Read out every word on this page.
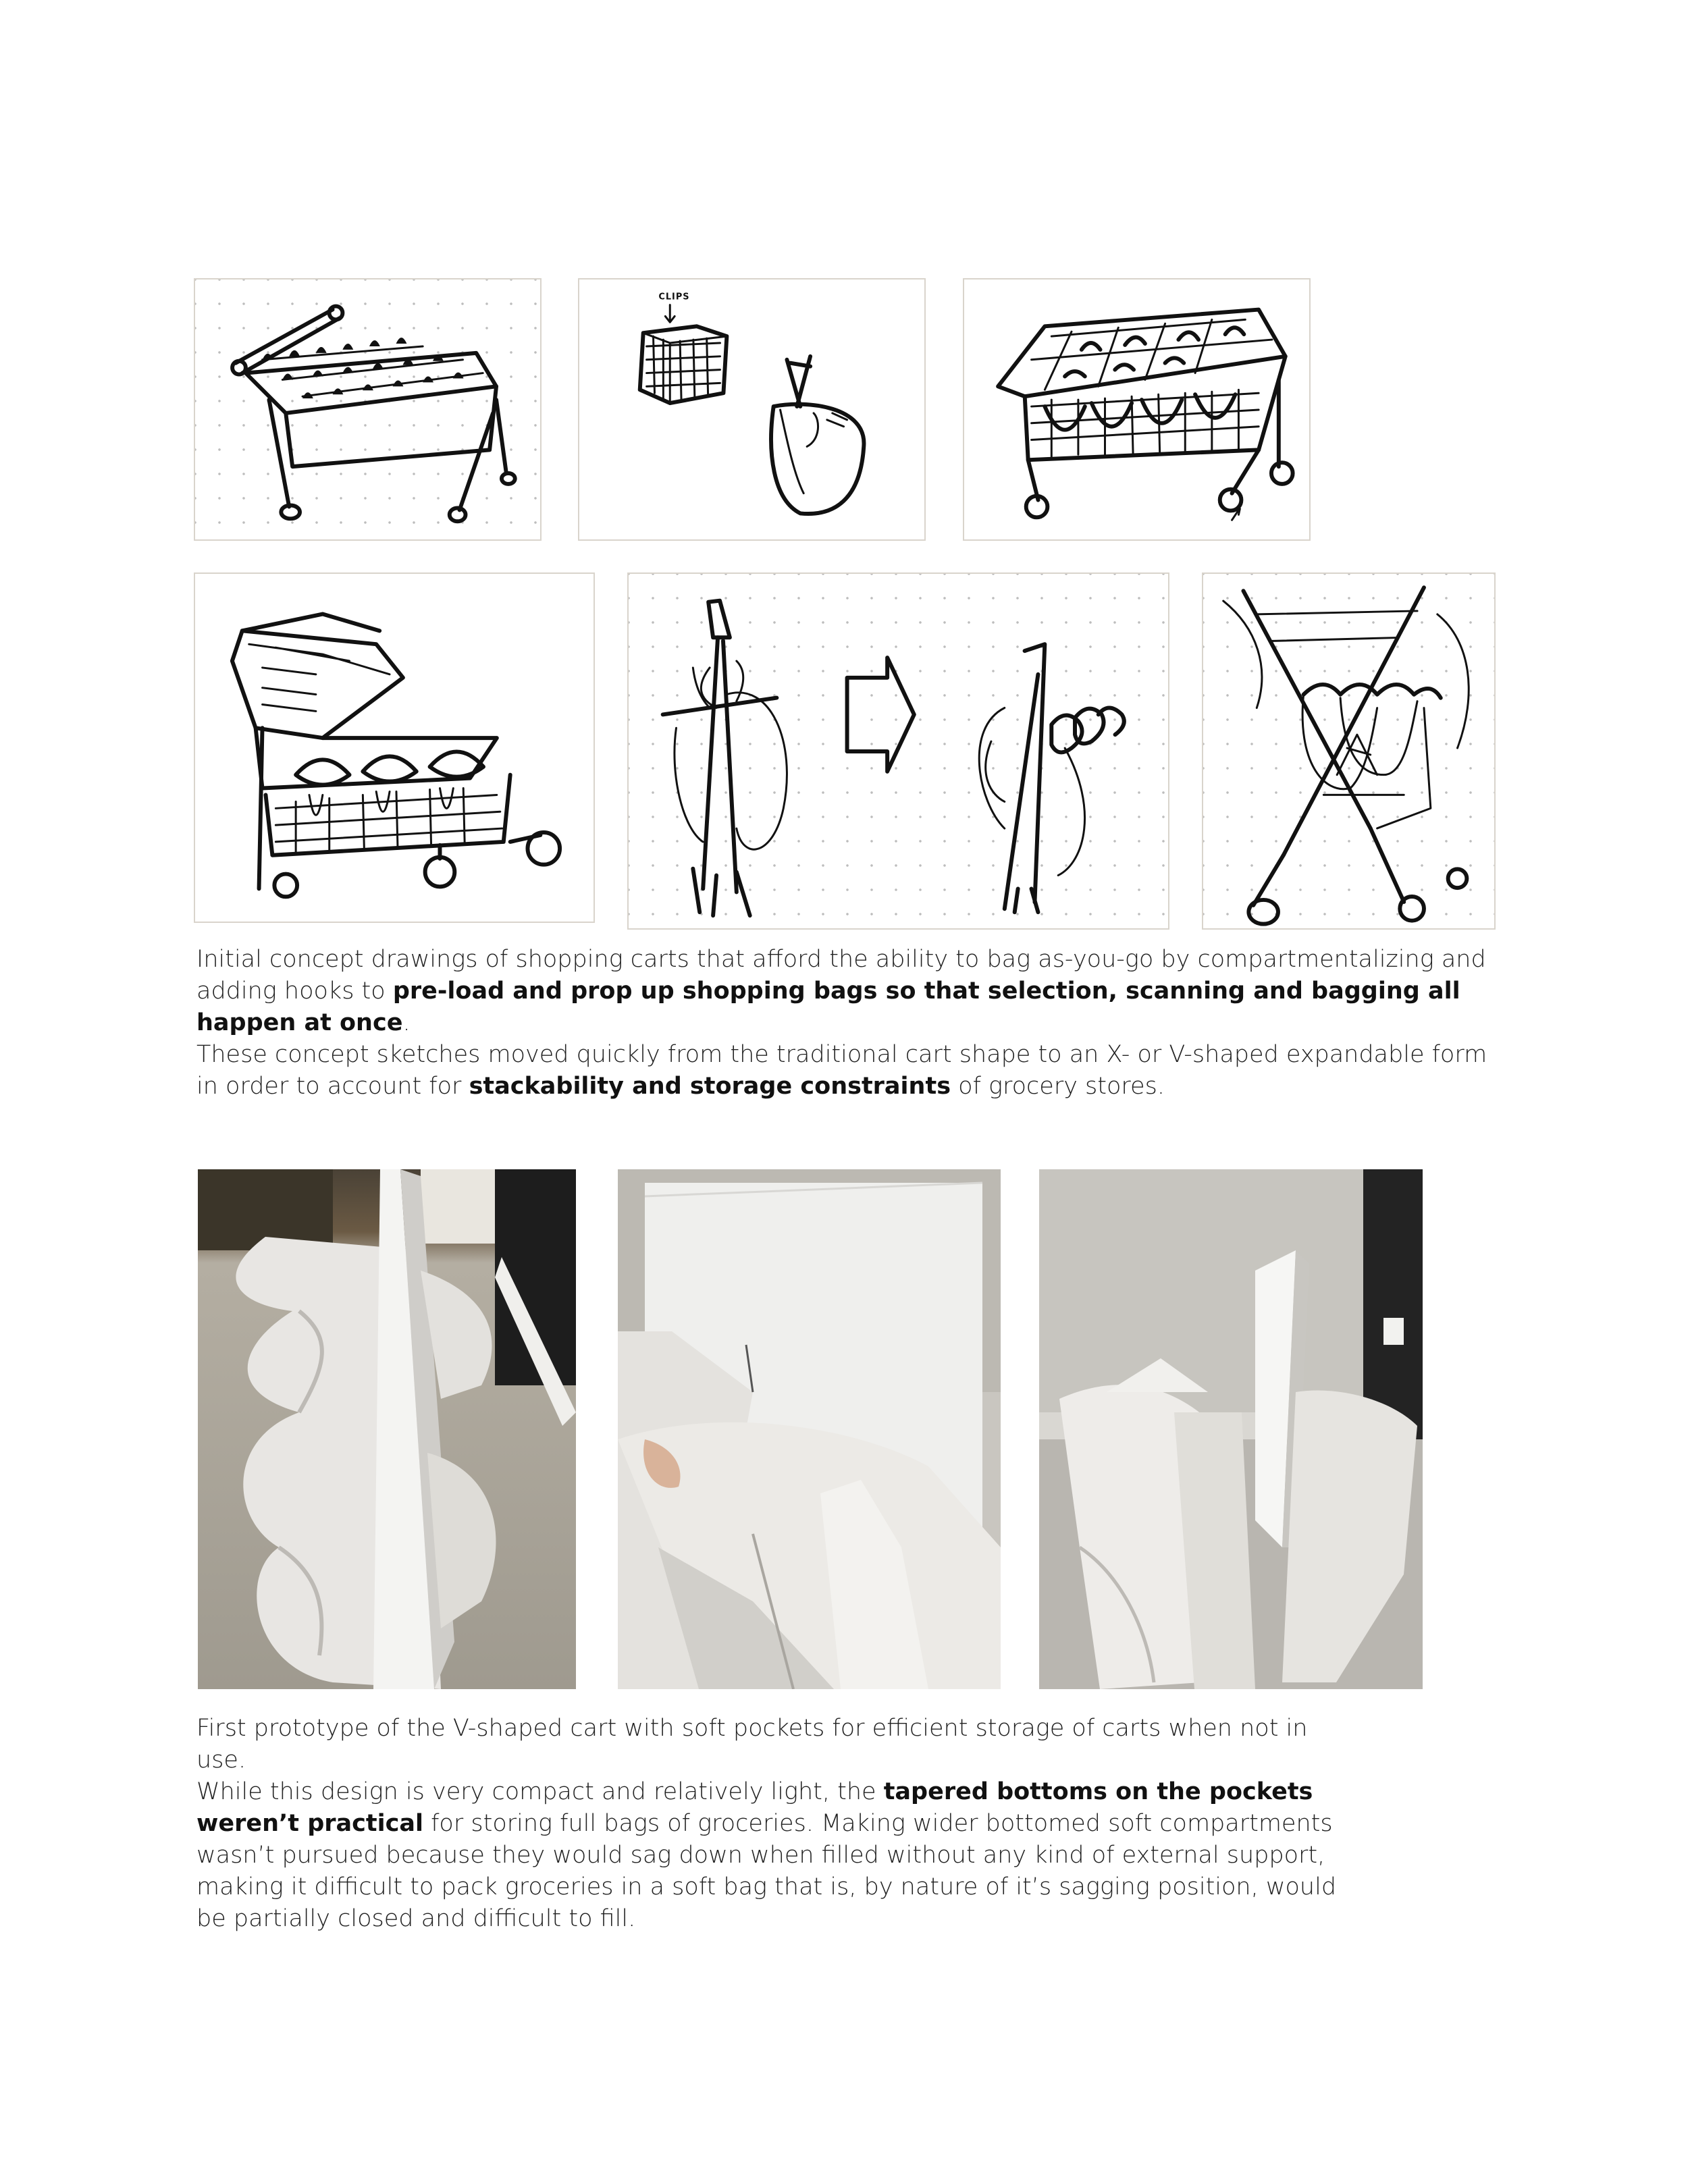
CLIPS

Initial concept drawings of shopping carts that afford the ability to bag as-you-go by compartmentalizing and adding hooks to pre-load and prop up shopping bags so that selection, scanning and bagging all happen at once.

These concept sketches moved quickly from the traditional cart shape to an X- or V-shaped expandable form in order to account for stackability and storage constraints of grocery stores.

First prototype of the V-shaped cart with soft pockets for efficient storage of carts when not in use.

While this design is very compact and relatively light, the tapered bottoms on the pockets weren’t practical for storing full bags of groceries. Making wider bottomed soft compartments wasn’t pursued because they would sag down when filled without any kind of external support, making it difficult to pack groceries in a soft bag that is, by nature of it’s sagging position, would be partially closed and difficult to fill.
